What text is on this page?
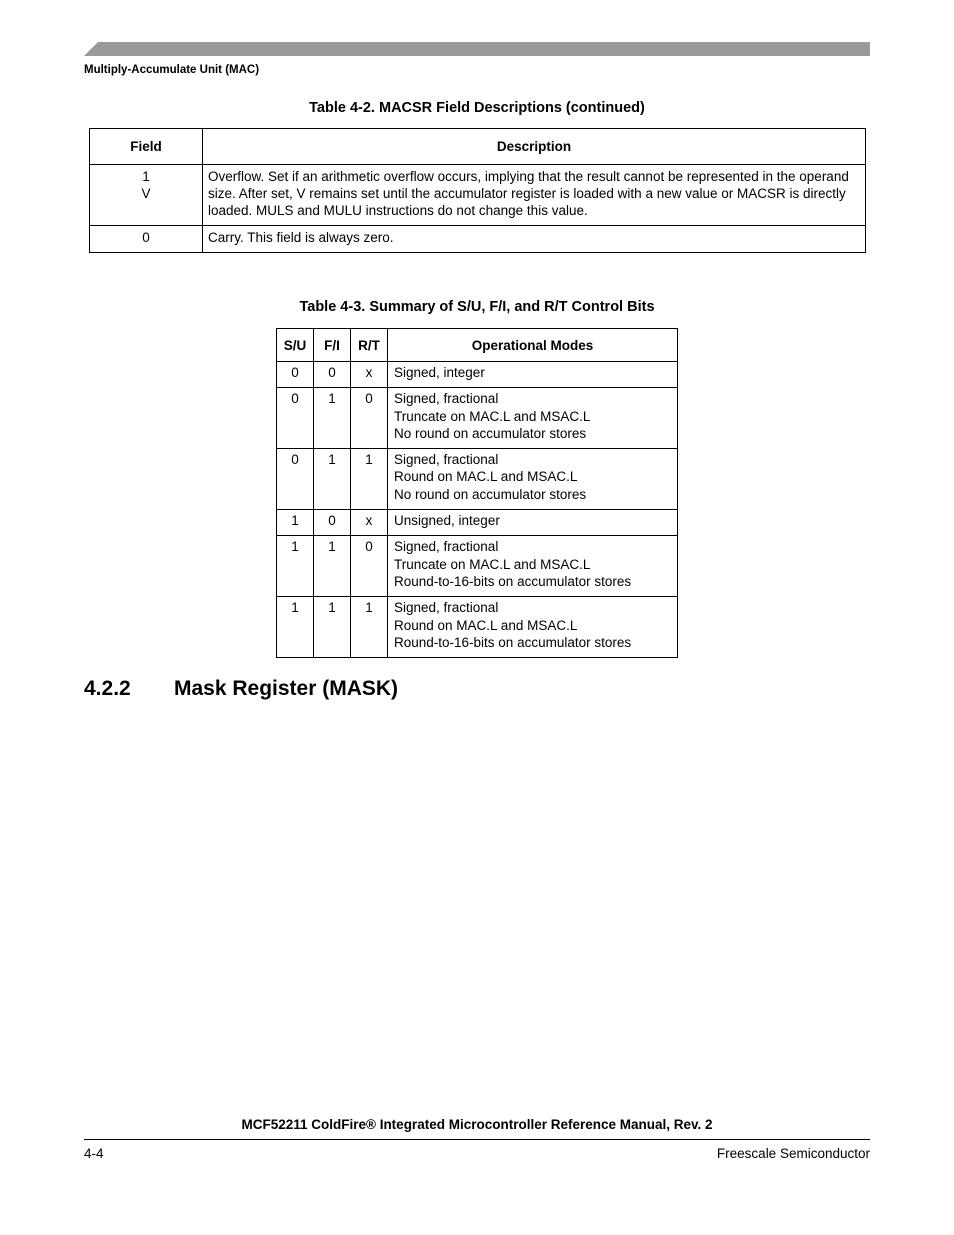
Multiply-Accumulate Unit (MAC)
Table 4-2. MACSR Field Descriptions (continued)
Field	Description

1
V	Overflow. Set if an arithmetic overflow occurs, implying that the result cannot be represented in the operand size. After set, V remains set until the accumulator register is loaded with a new value or MACSR is directly loaded. MULS and MULU instructions do not change this value.

0	Carry. This field is always zero.
Table 4-3. Summary of S/U, F/I, and R/T Control Bits
S/U	F/I	R/T	Operational Modes
0	0	x	Signed, integer

0	1	0	Signed, fractional
Truncate on MAC.L and MSAC.L
No round on accumulator stores

0	1	1	Signed, fractional
Round on MAC.L and MSAC.L
No round on accumulator stores

1	0	x	Unsigned, integer

1	1	0	Signed, fractional
Truncate on MAC.L and MSAC.L
Round-to-16-bits on accumulator stores

1	1	1	Signed, fractional
Round on MAC.L and MSAC.L
Round-to-16-bits on accumulator stores
4.2.2 Mask Register (MASK)
MCF52211 ColdFire® Integrated Microcontroller Reference Manual, Rev. 2
4-4	Freescale Semiconductor
